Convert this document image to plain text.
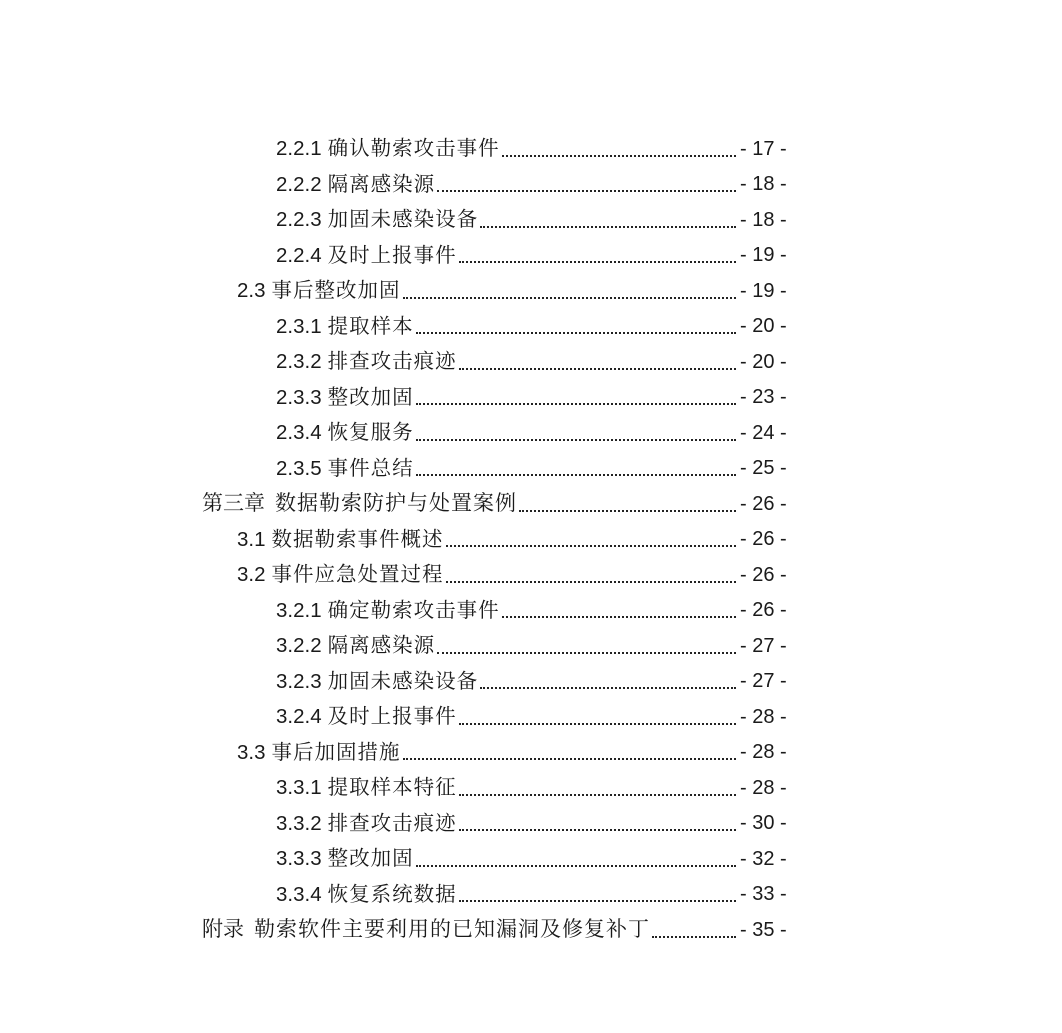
2.2.1 确认勒索攻击事件	- 17 -
2.2.2 隔离感染源	- 18 -
2.2.3 加固未感染设备	- 18 -
2.2.4 及时上报事件	- 19 -
2.3 事后整改加固	- 19 -
2.3.1 提取样本	- 20 -
2.3.2 排查攻击痕迹	- 20 -
2.3.3 整改加固	- 23 -
2.3.4 恢复服务	- 24 -
2.3.5 事件总结	- 25 -
第三章 数据勒索防护与处置案例	- 26 -
3.1 数据勒索事件概述	- 26 -
3.2 事件应急处置过程	- 26 -
3.2.1 确定勒索攻击事件	- 26 -
3.2.2 隔离感染源	- 27 -
3.2.3 加固未感染设备	- 27 -
3.2.4 及时上报事件	- 28 -
3.3 事后加固措施	- 28 -
3.3.1 提取样本特征	- 28 -
3.3.2 排查攻击痕迹	- 30 -
3.3.3 整改加固	- 32 -
3.3.4 恢复系统数据	- 33 -
附录 勒索软件主要利用的已知漏洞及修复补丁	- 35 -
